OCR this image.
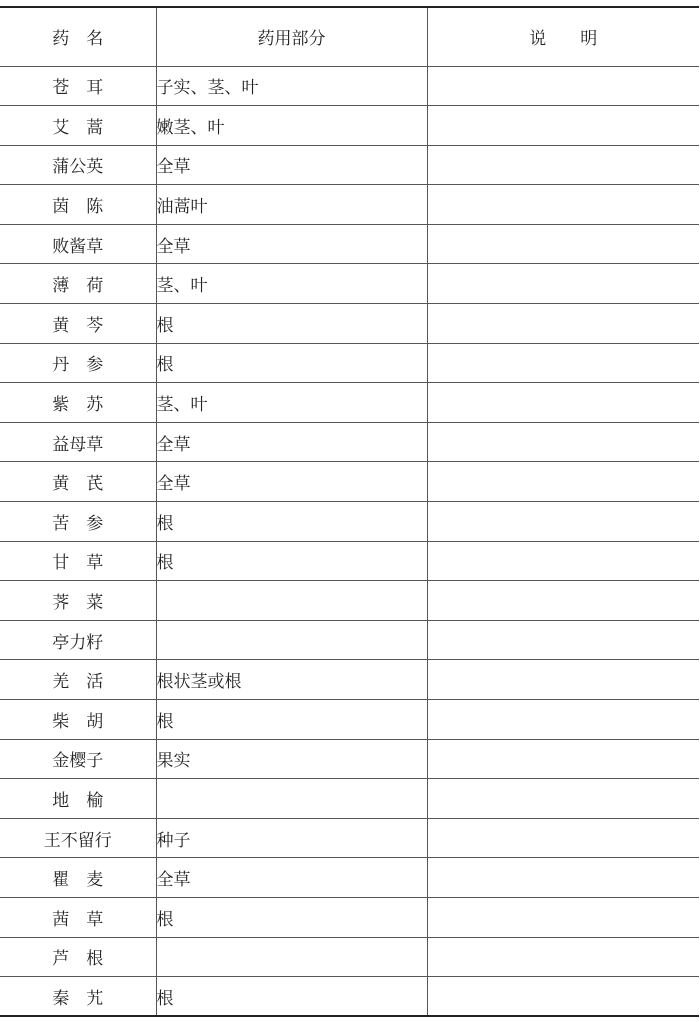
药　名	药用部分	说　　明
苍　耳	子实、茎、叶	
艾　蒿	嫩茎、叶	
蒲公英	全草	
茵　陈	油蒿叶	
败酱草	全草	
薄　荷	茎、叶	
黄　芩	根	
丹　参	根	
紫　苏	茎、叶	
益母草	全草	
黄　芪	全草	
苦　参	根	
甘　草	根	
荠　菜		
亭力籽		
羌　活	根状茎或根	
柴　胡	根	
金樱子	果实	
地　榆		
王不留行	种子	
瞿　麦	全草	
茜　草	根	
芦　根		
秦　艽	根	
